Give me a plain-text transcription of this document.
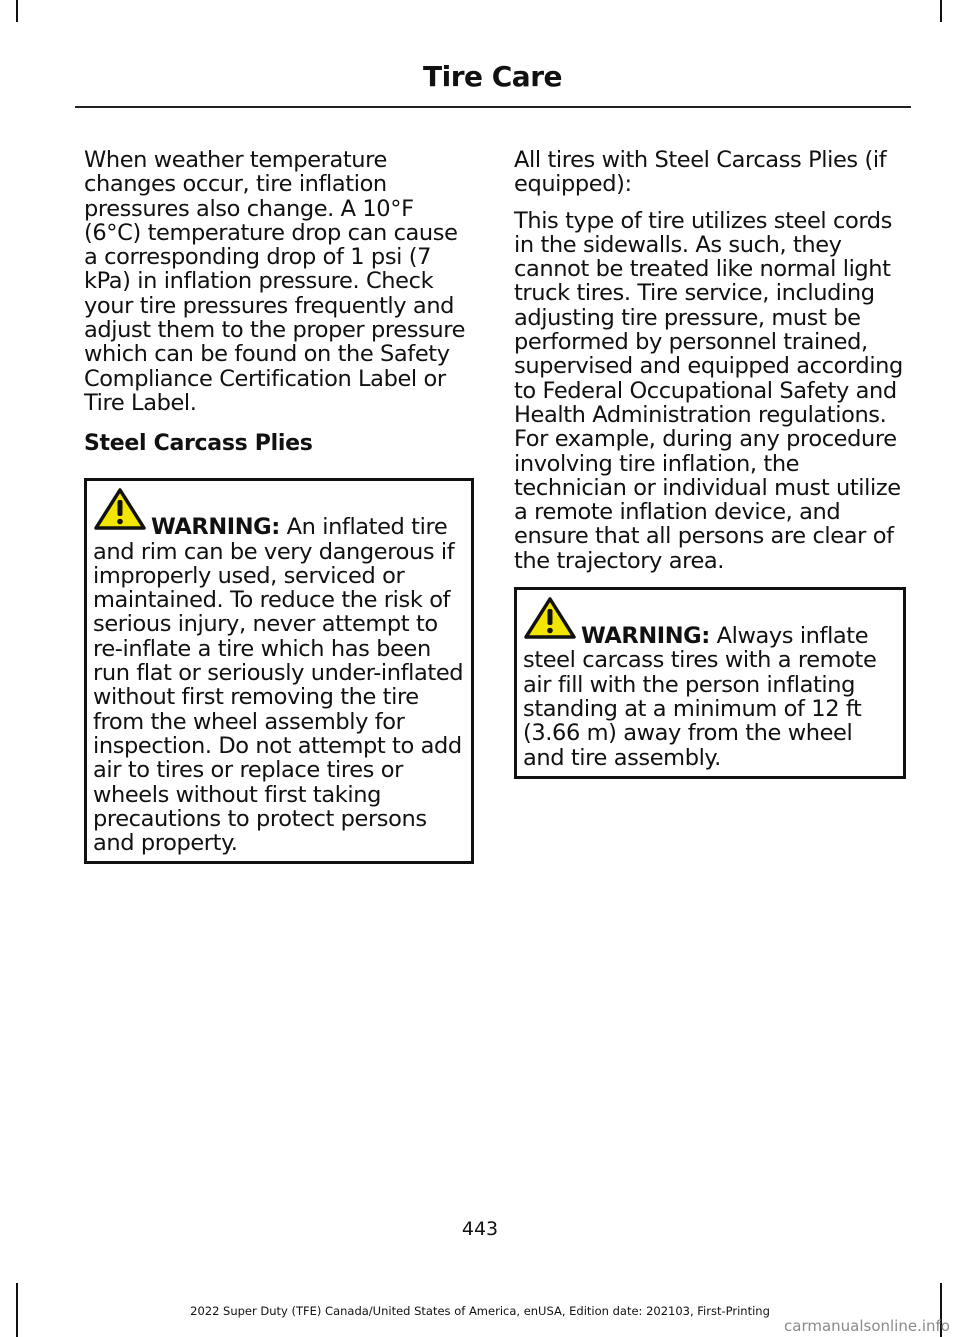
Tire Care

When weather temperature changes occur, tire inflation pressures also change. A 10°F (6°C) temperature drop can cause a corresponding drop of 1 psi (7 kPa) in inflation pressure. Check your tire pressures frequently and adjust them to the proper pressure which can be found on the Safety Compliance Certification Label or Tire Label.

Steel Carcass Plies

WARNING: An inflated tire and rim can be very dangerous if improperly used, serviced or maintained. To reduce the risk of serious injury, never attempt to re-inflate a tire which has been run flat or seriously under-inflated without first removing the tire from the wheel assembly for inspection. Do not attempt to add air to tires or replace tires or wheels without first taking precautions to protect persons and property.

All tires with Steel Carcass Plies (if equipped):

This type of tire utilizes steel cords in the sidewalls. As such, they cannot be treated like normal light truck tires. Tire service, including adjusting tire pressure, must be performed by personnel trained, supervised and equipped according to Federal Occupational Safety and Health Administration regulations. For example, during any procedure involving tire inflation, the technician or individual must utilize a remote inflation device, and ensure that all persons are clear of the trajectory area.

WARNING: Always inflate steel carcass tires with a remote air fill with the person inflating standing at a minimum of 12 ft (3.66 m) away from the wheel and tire assembly.

443
2022 Super Duty (TFE) Canada/United States of America, enUSA, Edition date: 202103, First-Printing
carmanualsonline.info
